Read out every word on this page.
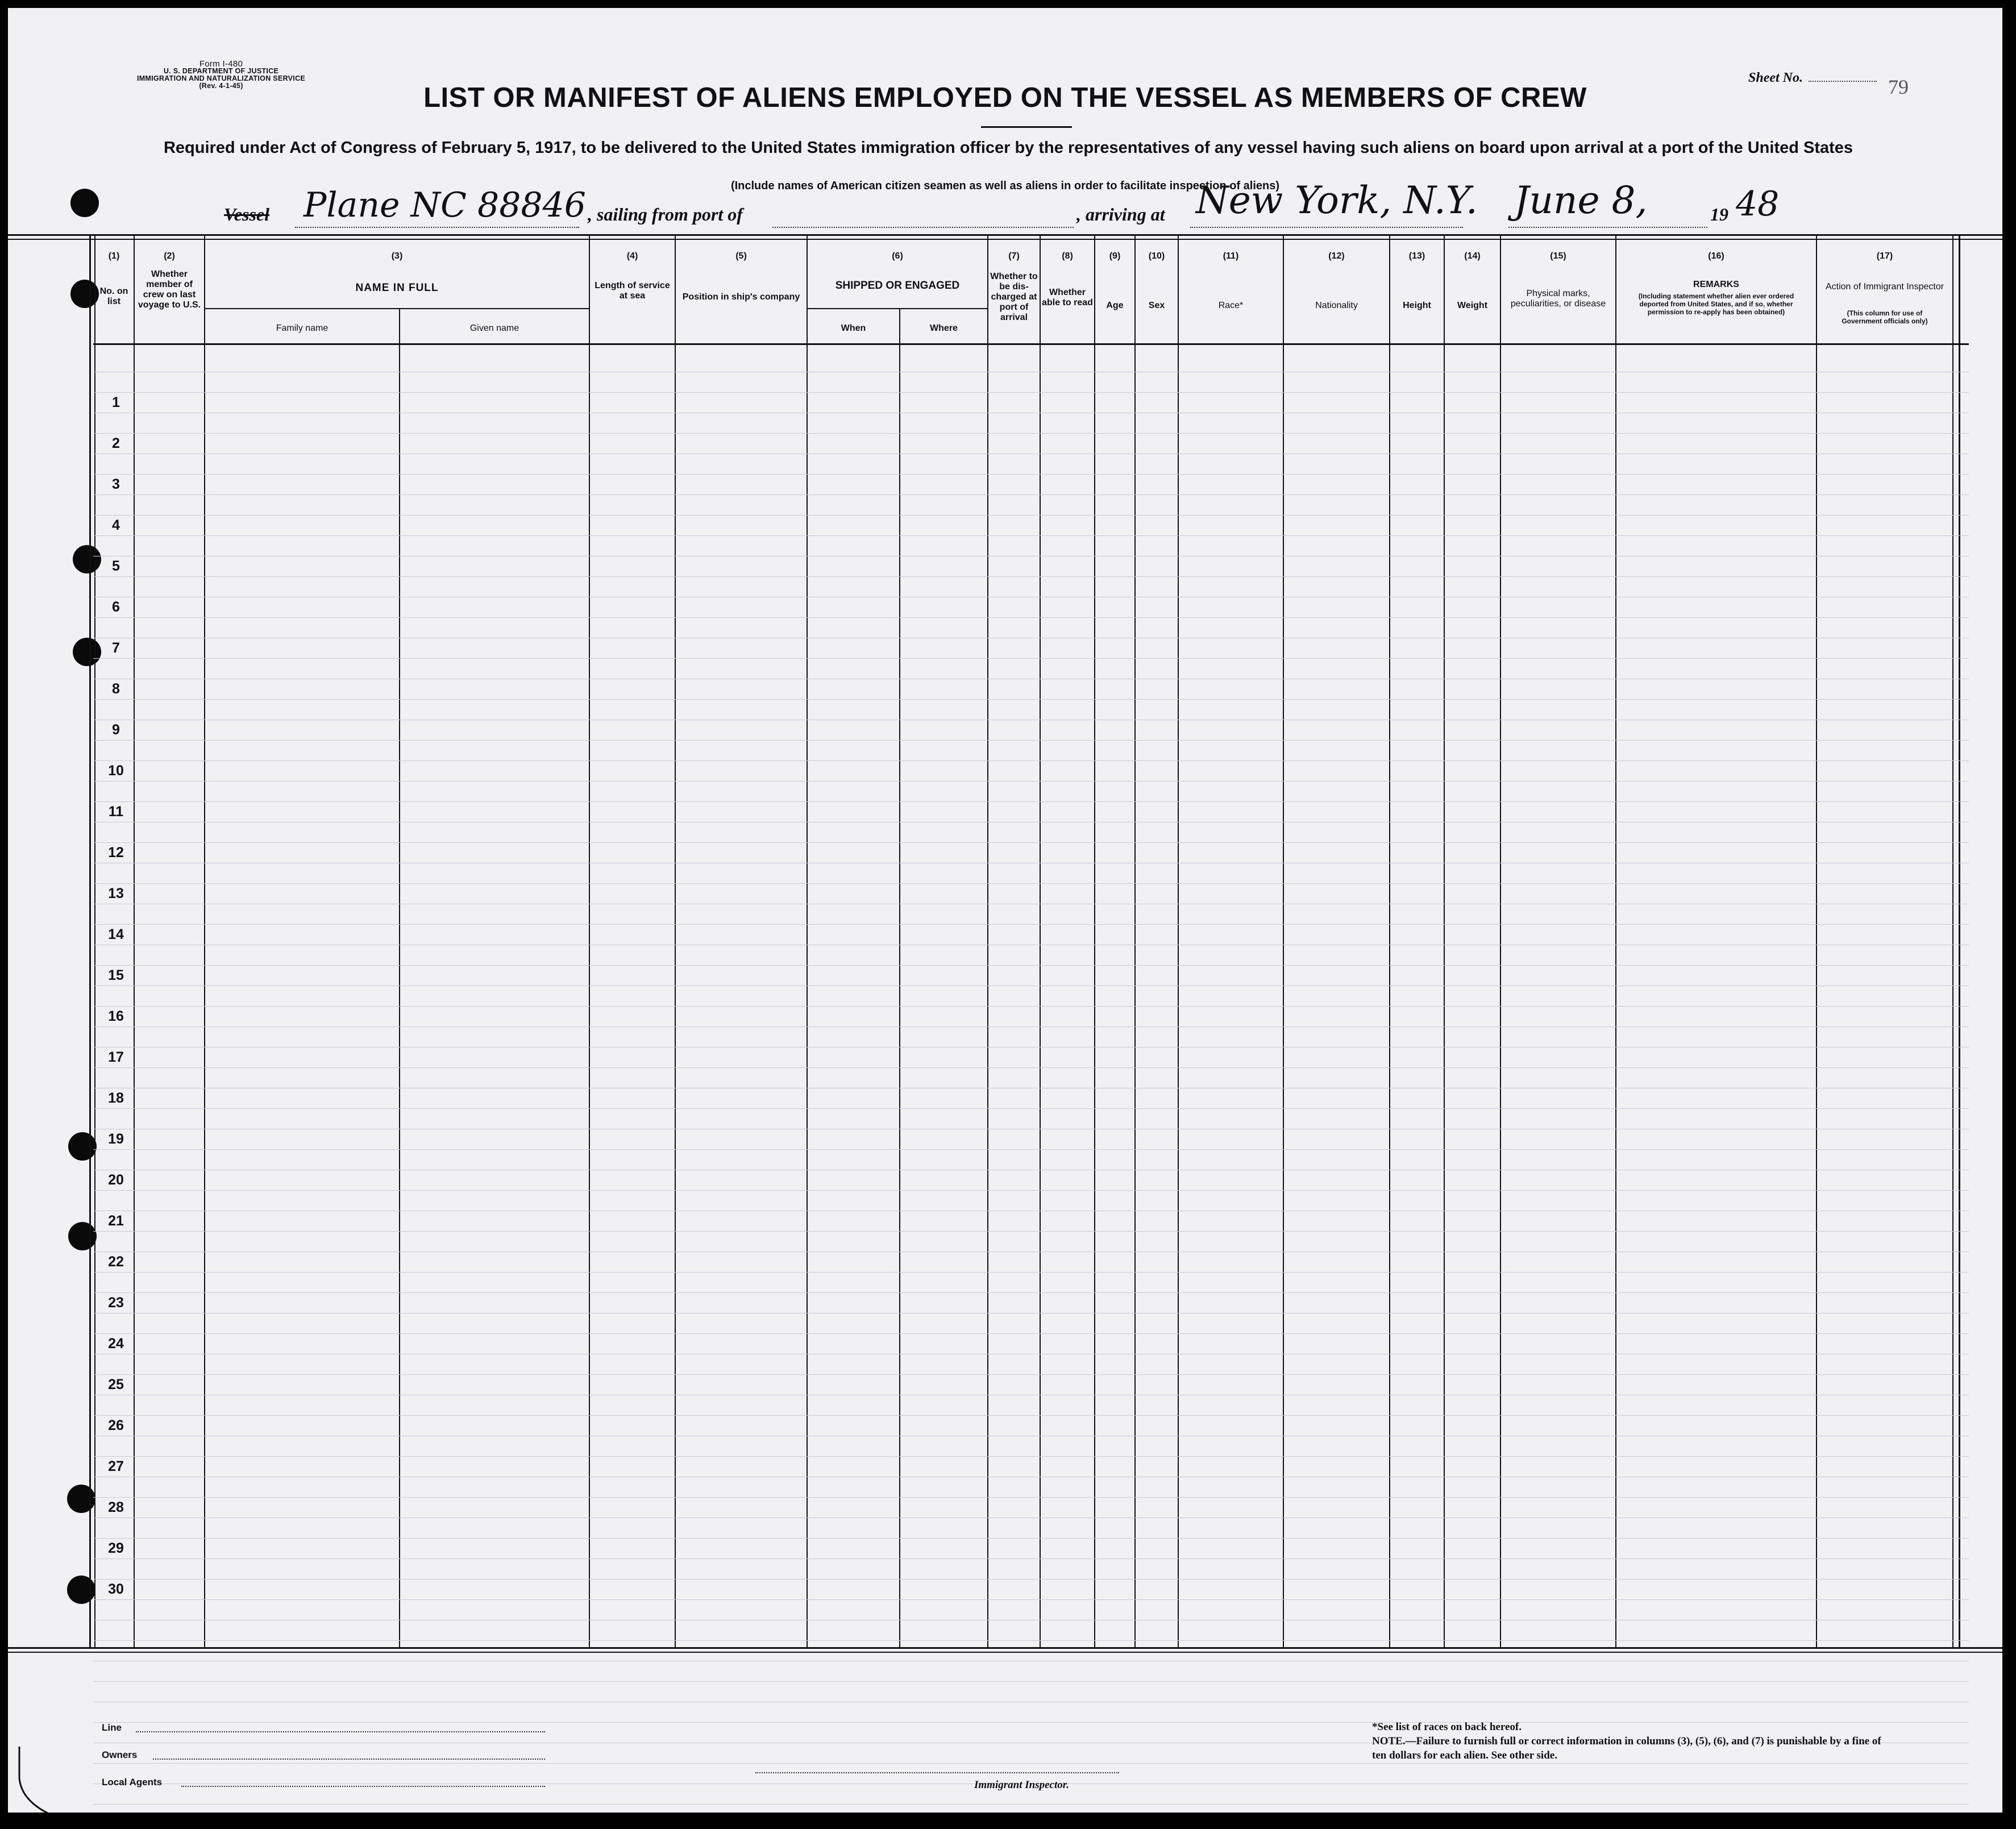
Form I-480
U. S. DEPARTMENT OF JUSTICE
IMMIGRATION AND NATURALIZATION SERVICE
(Rev. 4-1-45)
Sheet No.	79
LIST OR MANIFEST OF ALIENS EMPLOYED ON THE VESSEL AS MEMBERS OF CREW
Required under Act of Congress of February 5, 1917, to be delivered to the United States immigration officer by the representatives of any vessel having such aliens on board upon arrival at a port of the United States
(Include names of American citizen seamen as well as aliens in order to facilitate inspection of aliens)
Vessel Plane NC 88846 , sailing from port of	, arriving at New York, N.Y. June 8,	19 48
(1)
No. on list
(2)
Whether member of crew on last voyage to U.S.
(3)
NAME IN FULL
Family name	Given name
(4)
Length of service at sea
(5)
Position in ship's company
(6)
SHIPPED OR ENGAGED
When	Where
(7)
Whether to be dis-charged at port of arrival
(8)
Whether able to read
(9)
Age
(10)
Sex
(11)
Race*
(12)
Nationality
(13)
Height
(14)
Weight
(15)
Physical marks, peculiarities, or disease
(16)
REMARKS
(Including statement whether alien ever ordered deported from United States, and if so, whether permission to re-apply has been obtained)
(17)
Action of Immigrant Inspector
(This column for use of Government officials only)
1
2
3
4
5
6
7
8
9
10
11
12
13
14
15
16
17
18
19
20
21
22
23
24
25
26
27
28
29
30
Line
Owners
Local Agents	Immigrant Inspector.
*See list of races on back hereof.
NOTE.—Failure to furnish full or correct information in columns (3), (5), (6), and (7) is punishable by a fine of ten dollars for each alien. See other side.
